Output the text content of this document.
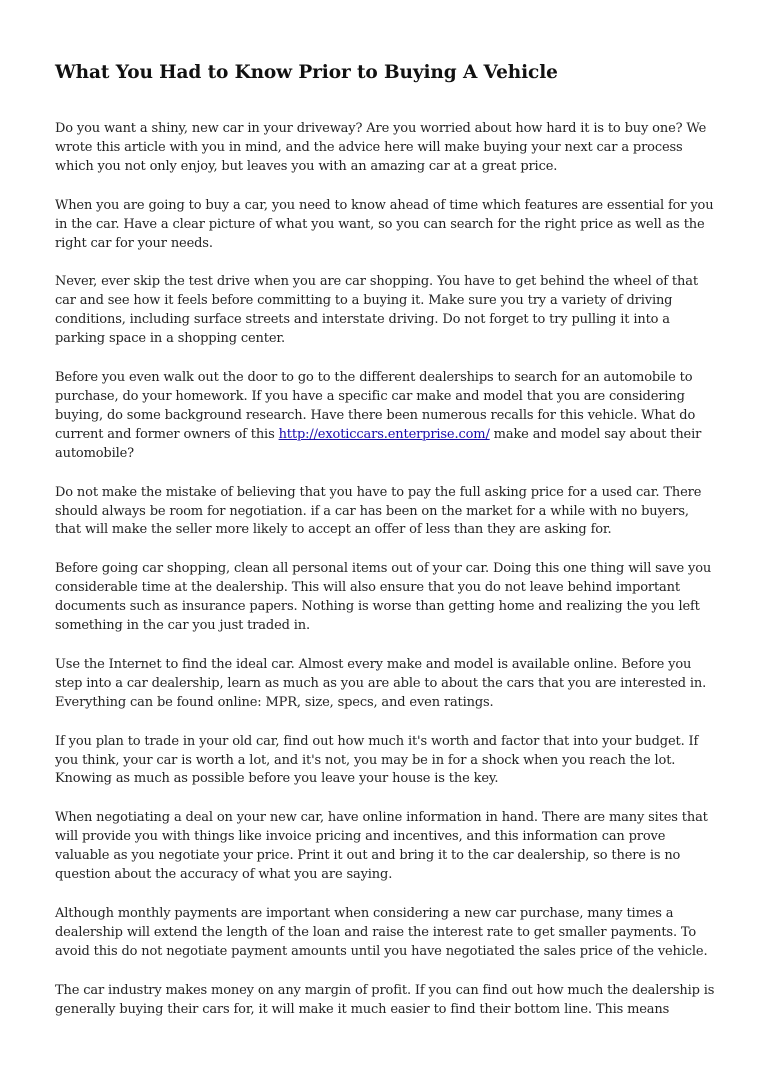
What You Had to Know Prior to Buying A Vehicle

Do you want a shiny, new car in your driveway? Are you worried about how hard it is to buy one? We wrote this article with you in mind, and the advice here will make buying your next car a process which you not only enjoy, but leaves you with an amazing car at a great price.

When you are going to buy a car, you need to know ahead of time which features are essential for you in the car. Have a clear picture of what you want, so you can search for the right price as well as the right car for your needs.

Never, ever skip the test drive when you are car shopping. You have to get behind the wheel of that car and see how it feels before committing to a buying it. Make sure you try a variety of driving conditions, including surface streets and interstate driving. Do not forget to try pulling it into a parking space in a shopping center.

Before you even walk out the door to go to the different dealerships to search for an automobile to purchase, do your homework. If you have a specific car make and model that you are considering buying, do some background research. Have there been numerous recalls for this vehicle. What do current and former owners of this http://exoticcars.enterprise.com/ make and model say about their automobile?

Do not make the mistake of believing that you have to pay the full asking price for a used car. There should always be room for negotiation. if a car has been on the market for a while with no buyers, that will make the seller more likely to accept an offer of less than they are asking for.

Before going car shopping, clean all personal items out of your car. Doing this one thing will save you considerable time at the dealership. This will also ensure that you do not leave behind important documents such as insurance papers. Nothing is worse than getting home and realizing the you left something in the car you just traded in.

Use the Internet to find the ideal car. Almost every make and model is available online. Before you step into a car dealership, learn as much as you are able to about the cars that you are interested in. Everything can be found online: MPR, size, specs, and even ratings.

If you plan to trade in your old car, find out how much it's worth and factor that into your budget. If you think, your car is worth a lot, and it's not, you may be in for a shock when you reach the lot. Knowing as much as possible before you leave your house is the key.

When negotiating a deal on your new car, have online information in hand. There are many sites that will provide you with things like invoice pricing and incentives, and this information can prove valuable as you negotiate your price. Print it out and bring it to the car dealership, so there is no question about the accuracy of what you are saying.

Although monthly payments are important when considering a new car purchase, many times a dealership will extend the length of the loan and raise the interest rate to get smaller payments. To avoid this do not negotiate payment amounts until you have negotiated the sales price of the vehicle.

The car industry makes money on any margin of profit. If you can find out how much the dealership is generally buying their cars for, it will make it much easier to find their bottom line. This means
